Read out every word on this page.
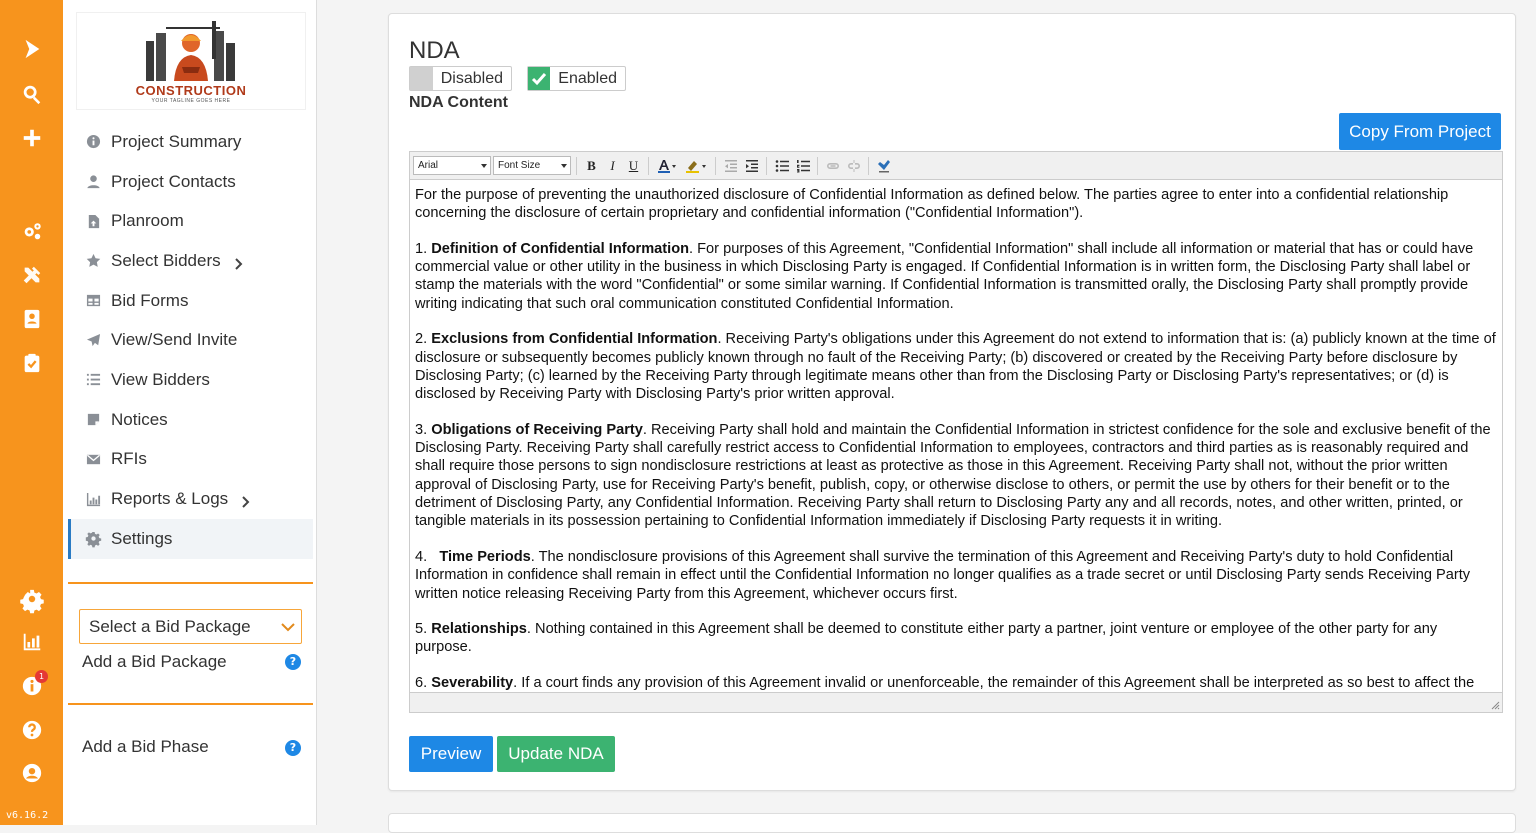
1
v6.16.2
CONSTRUCTION
YOUR TAGLINE GOES HERE
Project Summary
Project Contacts
Planroom
Select Bidders
Bid Forms
View/Send Invite
View Bidders
Notices
RFIs
Reports & Logs
Settings
Select a Bid Package
Add a Bid Package	?
Add a Bid Phase	?
NDA
Disabled	Enabled
NDA Content
Copy From Project
Arial	Font Size	B	I	U

For the purpose of preventing the unauthorized disclosure of Confidential Information as defined below. The parties agree to enter into a confidential relationship concerning the disclosure of certain proprietary and confidential information ("Confidential Information").

1. Definition of Confidential Information. For purposes of this Agreement, "Confidential Information" shall include all information or material that has or could have commercial value or other utility in the business in which Disclosing Party is engaged. If Confidential Information is in written form, the Disclosing Party shall label or stamp the materials with the word "Confidential" or some similar warning. If Confidential Information is transmitted orally, the Disclosing Party shall promptly provide writing indicating that such oral communication constituted Confidential Information.

2. Exclusions from Confidential Information. Receiving Party's obligations under this Agreement do not extend to information that is: (a) publicly known at the time of disclosure or subsequently becomes publicly known through no fault of the Receiving Party; (b) discovered or created by the Receiving Party before disclosure by Disclosing Party; (c) learned by the Receiving Party through legitimate means other than from the Disclosing Party or Disclosing Party's representatives; or (d) is disclosed by Receiving Party with Disclosing Party's prior written approval.

3. Obligations of Receiving Party. Receiving Party shall hold and maintain the Confidential Information in strictest confidence for the sole and exclusive benefit of the Disclosing Party. Receiving Party shall carefully restrict access to Confidential Information to employees, contractors and third parties as is reasonably required and shall require those persons to sign nondisclosure restrictions at least as protective as those in this Agreement. Receiving Party shall not, without the prior written approval of Disclosing Party, use for Receiving Party's benefit, publish, copy, or otherwise disclose to others, or permit the use by others for their benefit or to the detriment of Disclosing Party, any Confidential Information. Receiving Party shall return to Disclosing Party any and all records, notes, and other written, printed, or tangible materials in its possession pertaining to Confidential Information immediately if Disclosing Party requests it in writing.

4.   Time Periods. The nondisclosure provisions of this Agreement shall survive the termination of this Agreement and Receiving Party's duty to hold Confidential Information in confidence shall remain in effect until the Confidential Information no longer qualifies as a trade secret or until Disclosing Party sends Receiving Party written notice releasing Receiving Party from this Agreement, whichever occurs first.

5. Relationships. Nothing contained in this Agreement shall be deemed to constitute either party a partner, joint venture or employee of the other party for any purpose.

6. Severability. If a court finds any provision of this Agreement invalid or unenforceable, the remainder of this Agreement shall be interpreted as so best to affect the

Preview	Update NDA
